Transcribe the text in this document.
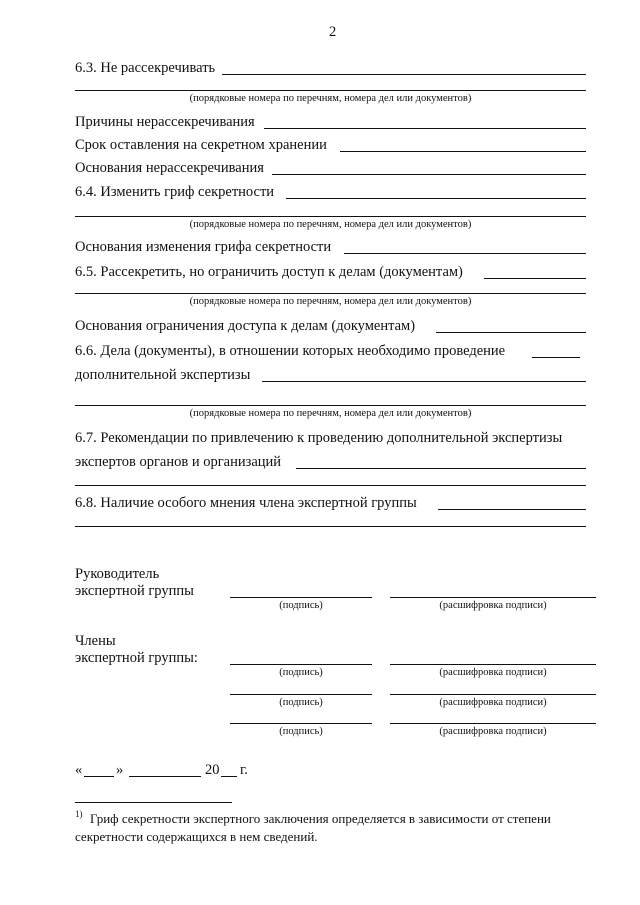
2
6.3. Не рассекречивать
(порядковые номера по перечням, номера дел или документов)
Причины нерассекречивания
Срок оставления на секретном хранении
Основания нерассекречивания
6.4. Изменить гриф секретности
(порядковые номера по перечням, номера дел или документов)
Основания изменения грифа секретности
6.5. Рассекретить, но ограничить доступ к делам (документам)
(порядковые номера по перечням, номера дел или документов)
Основания ограничения доступа к делам (документам)
6.6. Дела (документы), в отношении которых необходимо проведение
дополнительной экспертизы
(порядковые номера по перечням, номера дел или документов)
6.7. Рекомендации по привлечению к проведению дополнительной экспертизы
экспертов органов и организаций
6.8. Наличие особого мнения члена экспертной группы
Руководитель
экспертной группы
(подпись)	(расшифровка подписи)
Члены
экспертной группы:
(подпись)	(расшифровка подписи)
(подпись)	(расшифровка подписи)
(подпись)	(расшифровка подписи)
« »	20 г.
1) Гриф секретности экспертного заключения определяется в зависимости от степени
секретности содержащихся в нем сведений.
